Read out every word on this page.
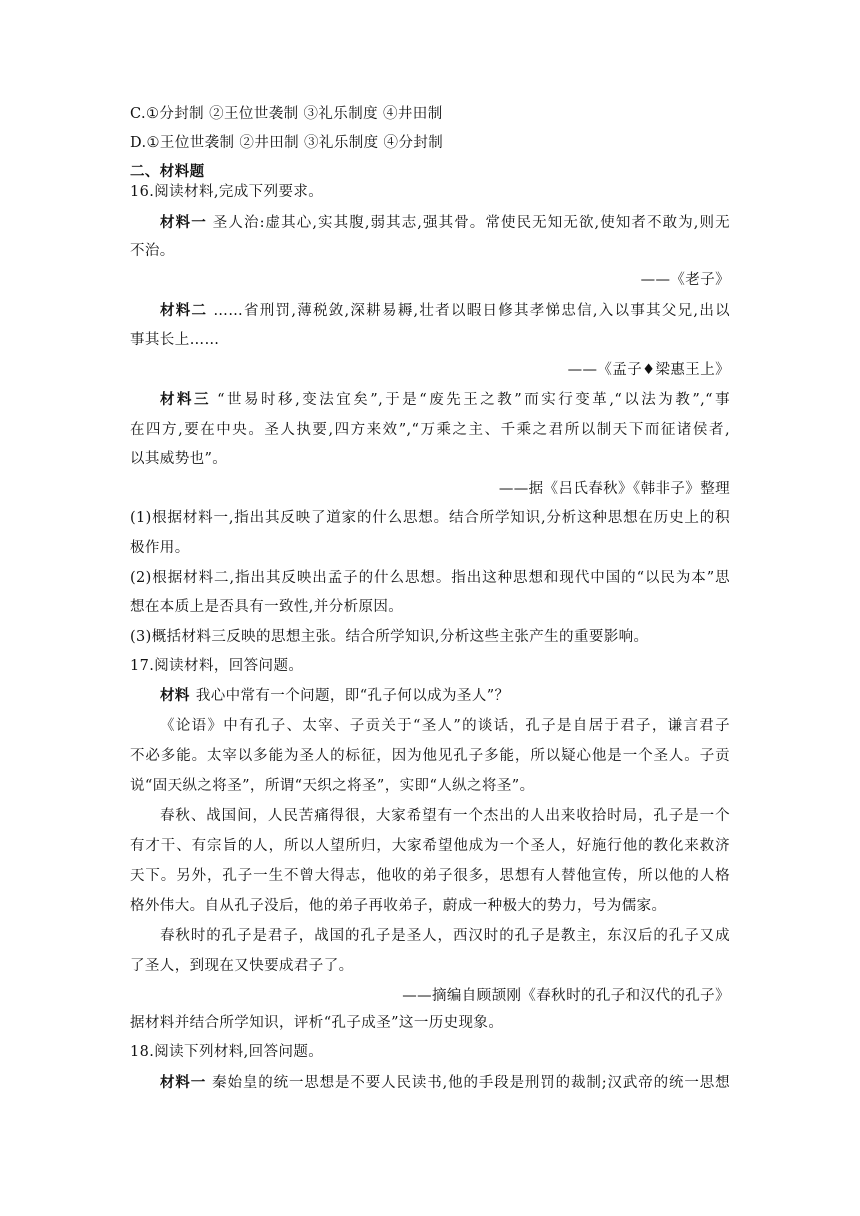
C.①分封制 ②王位世袭制 ③礼乐制度 ④井田制
D.①王位世袭制 ②井田制 ③礼乐制度 ④分封制
二、材料题
16.阅读材料,完成下列要求。
材料一 圣人治:虚其心,实其腹,弱其志,强其骨。常使民无知无欲,使知者不敢为,则无
不治。
——《老子》
材料二 ……省刑罚,薄税敛,深耕易耨,壮者以暇日修其孝悌忠信,入以事其父兄,出以
事其长上……
——《孟子♦梁惠王上》
材料三 “世易时移,变法宜矣”,于是“废先王之教”而实行变革,“以法为教”,“事
在四方,要在中央。圣人执要,四方来效”,“万乘之主、千乘之君所以制天下而征诸侯者,
以其威势也”。
——据《吕氏春秋》《韩非子》整理
(1)根据材料一,指出其反映了道家的什么思想。结合所学知识,分析这种思想在历史上的积
极作用。
(2)根据材料二,指出其反映出孟子的什么思想。指出这种思想和现代中国的“以民为本”思
想在本质上是否具有一致性,并分析原因。
(3)概括材料三反映的思想主张。结合所学知识,分析这些主张产生的重要影响。
17.阅读材料，回答问题。
材料 我心中常有一个问题，即“孔子何以成为圣人”？
《论语》中有孔子、太宰、子贡关于“圣人”的谈话，孔子是自居于君子，谦言君子
不必多能。太宰以多能为圣人的标征，因为他见孔子多能，所以疑心他是一个圣人。子贡
说“固天纵之将圣”，所谓“天织之将圣”，实即“人纵之将圣”。
春秋、战国间，人民苦痛得很，大家希望有一个杰出的人出来收拾时局，孔子是一个
有才干、有宗旨的人，所以人望所归，大家希望他成为一个圣人，好施行他的教化来救济
天下。另外，孔子一生不曾大得志，他收的弟子很多，思想有人替他宣传，所以他的人格
格外伟大。自从孔子没后，他的弟子再收弟子，蔚成一种极大的势力，号为儒家。
春秋时的孔子是君子，战国的孔子是圣人，西汉时的孔子是教主，东汉后的孔子又成
了圣人，到现在又快要成君子了。
——摘编自顾颉刚《春秋时的孔子和汉代的孔子》
据材料并结合所学知识，评析“孔子成圣”这一历史现象。
18.阅读下列材料,回答问题。
材料一 秦始皇的统一思想是不要人民读书,他的手段是刑罚的裁制;汉武帝的统一思想
